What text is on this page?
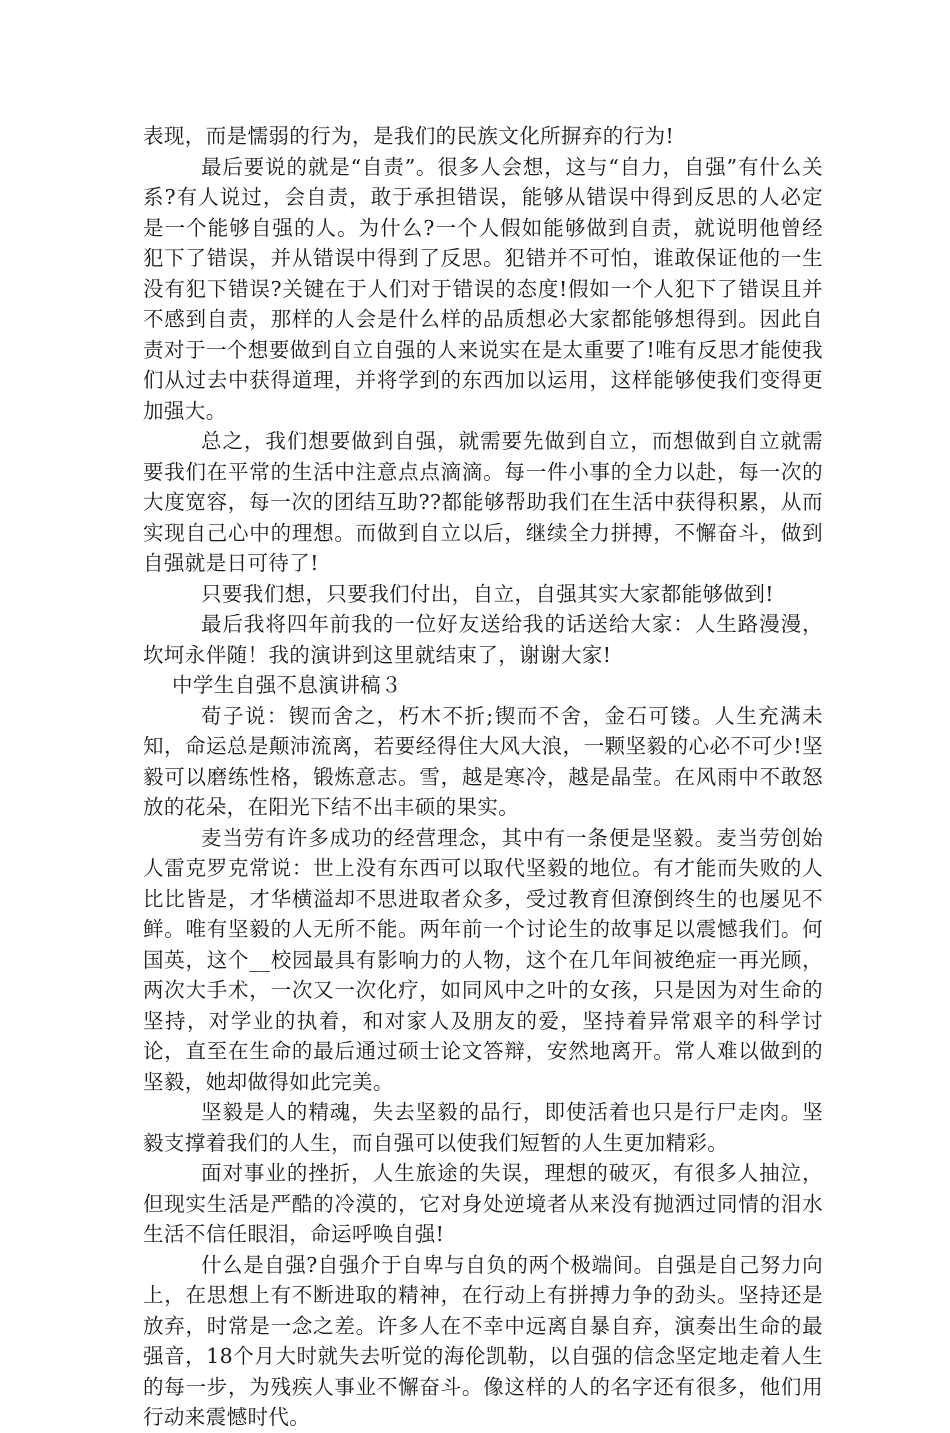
表现，而是懦弱的行为，是我们的民族文化所摒弃的行为!

最后要说的就是“自责”。很多人会想，这与“自力，自强”有什么关系?有人说过，会自责，敢于承担错误，能够从错误中得到反思的人必定是一个能够自强的人。为什么?一个人假如能够做到自责，就说明他曾经犯下了错误，并从错误中得到了反思。犯错并不可怕，谁敢保证他的一生没有犯下错误?关键在于人们对于错误的态度!假如一个人犯下了错误且并不感到自责，那样的人会是什么样的品质想必大家都能够想得到。因此自责对于一个想要做到自立自强的人来说实在是太重要了!唯有反思才能使我们从过去中获得道理，并将学到的东西加以运用，这样能够使我们变得更加强大。

总之，我们想要做到自强，就需要先做到自立，而想做到自立就需要我们在平常的生活中注意点点滴滴。每一件小事的全力以赴，每一次的大度宽容，每一次的团结互助??都能够帮助我们在生活中获得积累，从而实现自己心中的理想。而做到自立以后，继续全力拼搏，不懈奋斗，做到自强就是日可待了!

只要我们想，只要我们付出，自立，自强其实大家都能够做到!

最后我将四年前我的一位好友送给我的话送给大家：人生路漫漫，坎坷永伴随！我的演讲到这里就结束了，谢谢大家!

中学生自强不息演讲稿３

荀子说：锲而舍之，朽木不折;锲而不舍，金石可镂。人生充满未知，命运总是颠沛流离，若要经得住大风大浪，一颗坚毅的心必不可少!坚毅可以磨练性格，锻炼意志。雪，越是寒冷，越是晶莹。在风雨中不敢怒放的花朵，在阳光下结不出丰硕的果实。

麦当劳有许多成功的经营理念，其中有一条便是坚毅。麦当劳创始人雷克罗克常说：世上没有东西可以取代坚毅的地位。有才能而失败的人比比皆是，才华横溢却不思进取者众多，受过教育但潦倒终生的也屡见不鲜。唯有坚毅的人无所不能。两年前一个讨论生的故事足以震憾我们。何国英，这个__校园最具有影响力的人物，这个在几年间被绝症一再光顾，两次大手术，一次又一次化疗，如同风中之叶的女孩，只是因为对生命的坚持，对学业的执着，和对家人及朋友的爱，坚持着异常艰辛的科学讨论，直至在生命的最后通过硕士论文答辩，安然地离开。常人难以做到的坚毅，她却做得如此完美。

坚毅是人的精魂，失去坚毅的品行，即使活着也只是行尸走肉。坚毅支撑着我们的人生，而自强可以使我们短暂的人生更加精彩。

面对事业的挫折，人生旅途的失误，理想的破灭，有很多人抽泣，但现实生活是严酷的冷漠的，它对身处逆境者从来没有抛洒过同情的泪水生活不信任眼泪，命运呼唤自强!

什么是自强?自强介于自卑与自负的两个极端间。自强是自己努力向上，在思想上有不断进取的精神，在行动上有拼搏力争的劲头。坚持还是放弃，时常是一念之差。许多人在不幸中远离自暴自弃，演奏出生命的最强音，18个月大时就失去听觉的海伦凯勒，以自强的信念坚定地走着人生的每一步，为残疾人事业不懈奋斗。像这样的人的名字还有很多，他们用行动来震憾时代。
